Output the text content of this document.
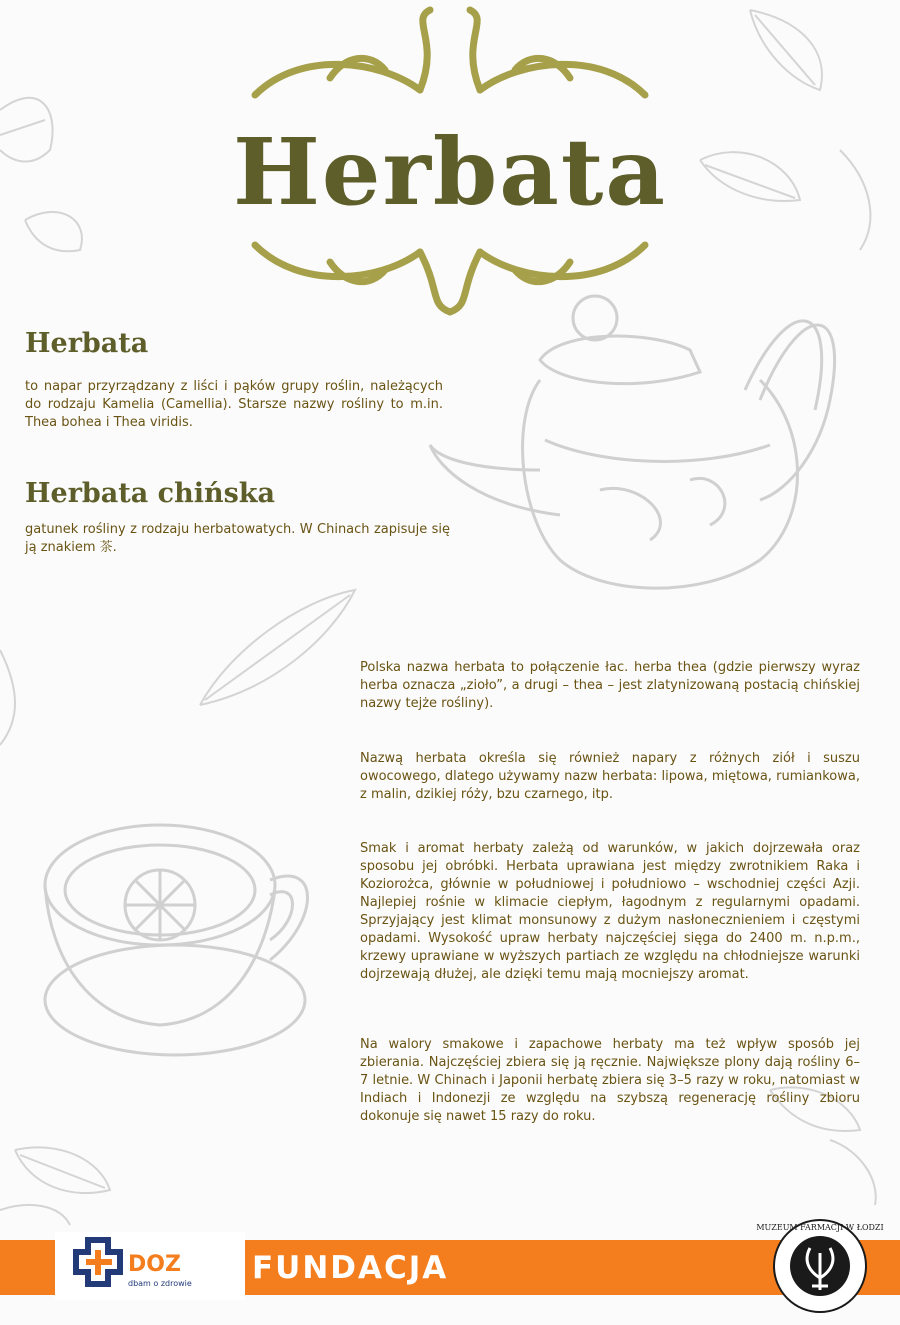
Herbata
Herbata

to napar przyrządzany z liści i pąków grupy roślin, należących do rodzaju Kamelia (Camellia). Starsze nazwy rośliny to m.in. Thea bohea i Thea viridis.

Herbata chińska

gatunek rośliny z rodzaju herbatowatych. W Chinach zapisuje się ją znakiem 茶.

Polska nazwa herbata to połączenie łac. herba thea (gdzie pierwszy wyraz herba oznacza „zioło”, a drugi – thea – jest zlatynizowaną postacią chińskiej nazwy tejże rośliny).

Nazwą herbata określa się również napary z różnych ziół i suszu owocowego, dlatego używamy nazw herbata: lipowa, miętowa, rumiankowa, z malin, dzikiej róży, bzu czarnego, itp.

Smak i aromat herbaty zależą od warunków, w jakich dojrzewała oraz sposobu jej obróbki. Herbata uprawiana jest między zwrotnikiem Raka i Koziorożca, głównie w południowej i południowo – wschodniej części Azji. Najlepiej rośnie w klimacie ciepłym, łagodnym z regularnymi opadami. Sprzyjający jest klimat monsunowy z dużym nasłonecznieniem i częstymi opadami. Wysokość upraw herbaty najczęściej sięga do 2400 m. n.p.m., krzewy uprawiane w wyższych partiach ze względu na chłodniejsze warunki dojrzewają dłużej, ale dzięki temu mają mocniejszy aromat.

Na walory smakowe i zapachowe herbaty ma też wpływ sposób jej zbierania. Najczęściej zbiera się ją ręcznie. Największe plony dają rośliny 6–7 letnie. W Chinach i Japonii herbatę zbiera się 3–5 razy w roku, natomiast w Indiach i Indonezji ze względu na szybszą regenerację rośliny zbioru dokonuje się nawet 15 razy do roku.

DOZ
dbam o zdrowie FUNDACJA
MUZEUM FARMACJI W ŁODZI
